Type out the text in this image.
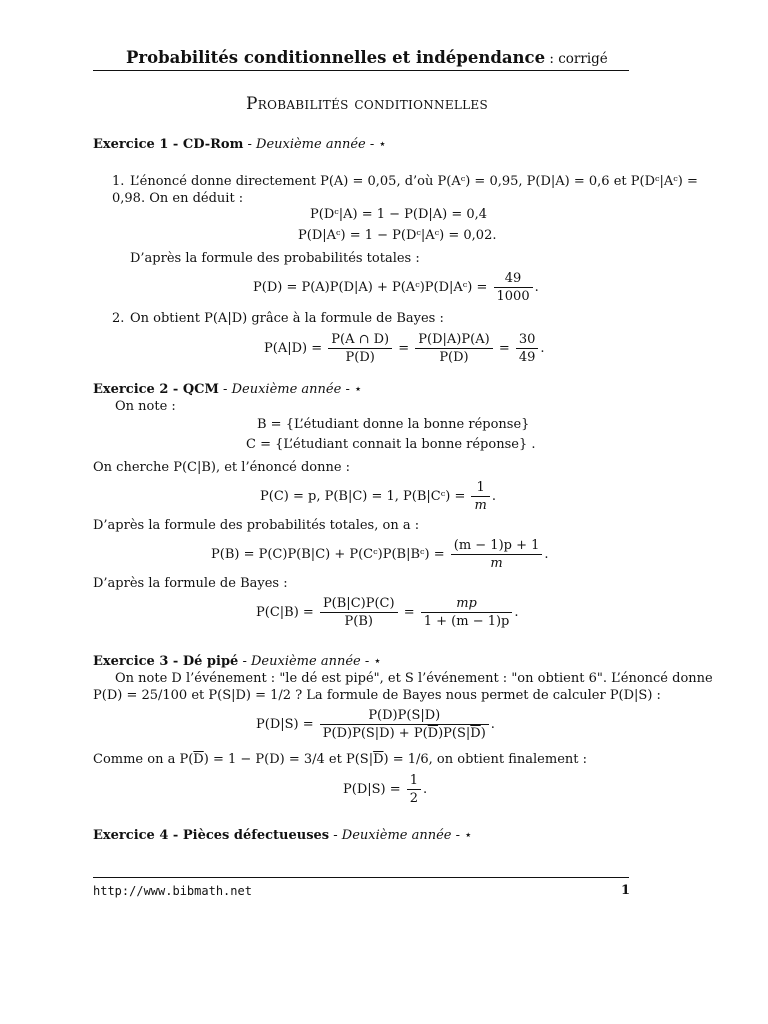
Probabilités conditionnelles et indépendance : corrigé
Probabilités conditionnelles
Exercice 1 - CD-Rom - Deuxième année - ⋆
1. L’énoncé donne directement P(A) = 0,05, d’où P(Aᶜ) = 0,95, P(D|A) = 0,6 et P(Dᶜ|Aᶜ) =
0,98. On en déduit :
P(Dᶜ|A) = 1 − P(D|A) = 0,4
P(D|Aᶜ) = 1 − P(Dᶜ|Aᶜ) = 0,02.
D’après la formule des probabilités totales :
P(D) = P(A)P(D|A) + P(Aᶜ)P(D|Aᶜ) = $\frac{49}{1000}$ .
2. On obtient P(A|D) grâce à la formule de Bayes :
$P(A|D) = \frac{P(A \cap D)}{P(D)} = \frac{P(D|A)P(A)}{P(D)} = \frac{30}{49}$ .
Exercice 2 - QCM - Deuxième année - ⋆
On note :
B = {L’étudiant donne la bonne réponse}
C = {L’étudiant connait la bonne réponse} .
On cherche P(C|B), et l’énoncé donne :
P(C) = p, P(B|C) = 1, P(B|Cᶜ) = $\frac{1}{m}$ .
D’après la formule des probabilités totales, on a :
P(B) = P(C)P(B|C) + P(Cᶜ)P(B|Bᶜ) = $\frac{(m - 1)p + 1}{m}$ .
D’après la formule de Bayes :
$P(C|B) = \frac{P(B|C)P(C)}{P(B)} = \frac{mp}{1 + (m - 1)p}$ .
Exercice 3 - Dé pipé - Deuxième année - ⋆
On note D l’événement : "le dé est pipé", et S l’événement : "on obtient 6". L’énoncé donne
P(D) = 25/100 et P(S|D) = 1/2 ? La formule de Bayes nous permet de calculer P(D|S) :
$P(D|S) = \frac{P(D)P(S|D)}{P(D)P(S|D) + P(\overline{D})P(S|\overline{D})}$ .
Comme on a $P(\overline{D}) = 1 - P(D) = 3/4$ et $P(S|\overline{D}) = 1/6$, on obtient finalement :
$P(D|S) = \frac{1}{2}$ .
Exercice 4 - Pièces défectueuses - Deuxième année - ⋆
http://www.bibmath.net	1
